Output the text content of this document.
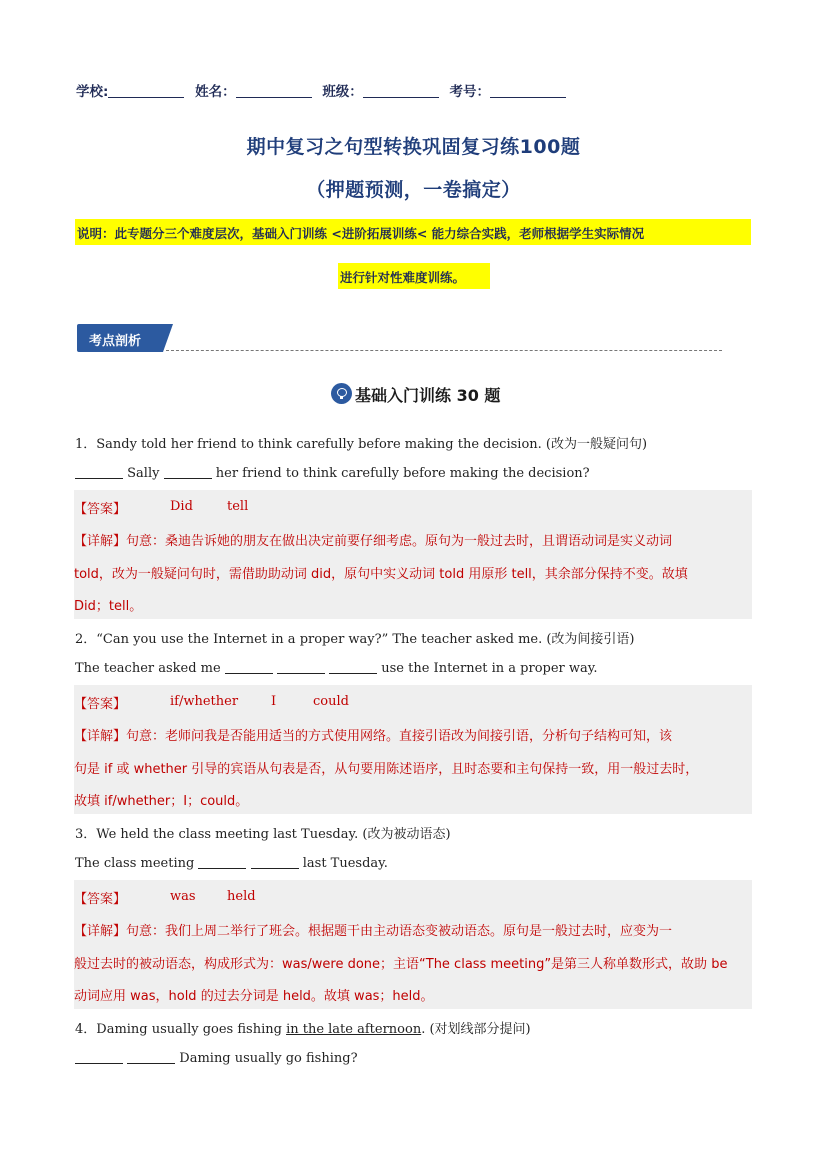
学校:	姓名：	班级：	考号：
期中复习之句型转换巩固复习练100题
（押题预测，一卷搞定）
说明：此专题分三个难度层次，基础入门训练 <进阶拓展训练< 能力综合实践，老师根据学生实际情况
进行针对性难度训练。
考点剖析
基础入门训练 30 题
1．Sandy told her friend to think carefully before making the decision. (改为一般疑问句)
Sally	her friend to think carefully before making the decision?
【答案】	Did	tell
【详解】句意：桑迪告诉她的朋友在做出决定前要仔细考虑。原句为一般过去时，且谓语动词是实义动词
told，改为一般疑问句时，需借助助动词 did，原句中实义动词 told 用原形 tell，其余部分保持不变。故填
Did；tell。
2．“Can you use the Internet in a proper way?” The teacher asked me. (改为间接引语)
The teacher asked me	use the Internet in a proper way.
【答案】	if/whether	I	could
【详解】句意：老师问我是否能用适当的方式使用网络。直接引语改为间接引语，分析句子结构可知，该
句是 if 或 whether 引导的宾语从句表是否，从句要用陈述语序，且时态要和主句保持一致，用一般过去时，
故填 if/whether；I；could。
3．We held the class meeting last Tuesday. (改为被动语态)
The class meeting	last Tuesday.
【答案】	was held
【详解】句意：我们上周二举行了班会。根据题干由主动语态变被动语态。原句是一般过去时，应变为一
般过去时的被动语态，构成形式为：was/were done；主语“The class meeting”是第三人称单数形式，故助 be
动词应用 was，hold 的过去分词是 held。故填 was；held。
4．Daming usually goes fishing in the late afternoon. (对划线部分提问)
Daming usually go fishing?
